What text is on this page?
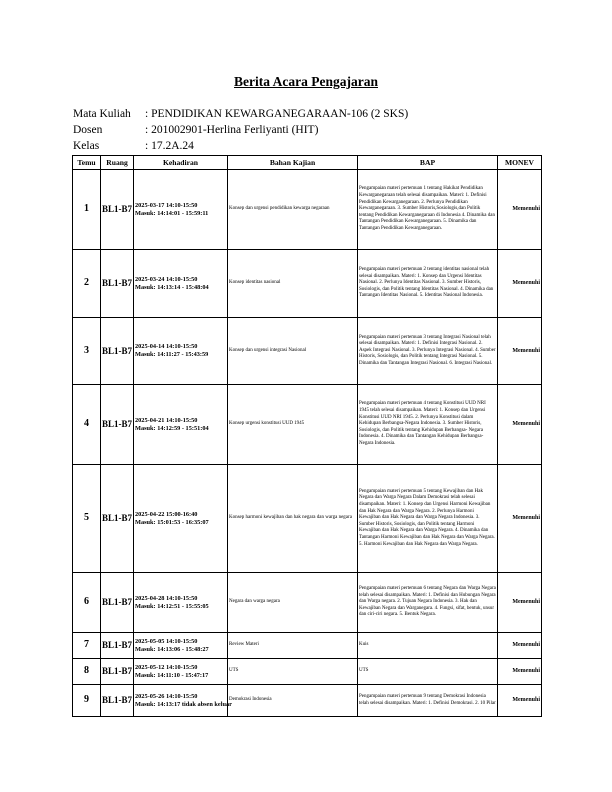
Berita Acara Pengajaran
Mata Kuliah	: PENDIDIKAN KEWARGANEGARAAN-106 (2 SKS)
Dosen	: 201002901-Herlina Ferliyanti (HIT)
Kelas	: 17.2A.24
Temu	Ruang	Kehadiran	Bahan Kajian	BAP	MONEV
1	BL1-B7	2025-03-17 14:10-15:50
Masuk: 14:14:01 - 15:59:11	Konsep dan urgensi pendidikan kewarga negaraan	Pengampaian materi pertemuan 1 tentang Hakikat Pendidikan Kewarganegaraan telah selesai disampaikan. Materi: 1. Definisi Pendidikan Kewarganegaraan. 2. Perlunya Pendidikan Kewarganegaraan. 3. Sumber Historis,Sosiologis,dan Politik tentang Pendidikan Kewarganegaraan di Indonesia 4. Dinamika dan Tantangan Pendidikan Kewarganegaraan. 5. Dinamika dan Tantangan Pendidikan Kewarganegaraan.	Memenuhi
2	BL1-B7	2025-03-24 14:10-15:50
Masuk: 14:13:14 - 15:48:04	Konsep identitas nasional	Pengampaian materi pertemuan 2 tentang identitas nasional telah selesai disampaikan. Materi: 1. Konsep dan Urgensi Identitas Nasional. 2. Perlunya Identitas Nasional. 3. Sumber Historis, Sosiologis, dan Politik tentang Identitas Nasional. 4. Dinamika dan Tantangan Identitas Nasional. 5. Identitas Nasional Indonesia.	Memenuhi
3	BL1-B7	2025-04-14 14:10-15:50
Masuk: 14:11:27 - 15:43:59	Konsep dan urgensi integrasi Nasional	Pengampaian materi pertemuan 3 tentang Integrasi Nasional telah selesai disampaikan. Materi: 1. Definisi Integrasi Nasional. 2. Aspek Integrasi Nasional. 3. Perlunya Integrasi Nasional. 4. Sumber Historis, Sosiologis, dan Politik tentang Integrasi Nasional. 5. Dinamika dan Tantangan Integrasi Nasional. 6. Integrasi Nasional.	Memenuhi
4	BL1-B7	2025-04-21 14:10-15:50
Masuk: 14:12:59 - 15:51:04	Konsep urgensi konstitusi UUD 1945	Pengampaian materi pertemuan 4 tentang Konstitusi UUD NRI 1945 telah selesai disampaikan. Materi: 1. Konsep dan Urgensi Konstitusi UUD NRI 1945. 2. Perlunya Konstitusi dalam Kehidupan Berbangsa-Negara Indonesia. 3. Sumber Historis, Sosiologis, dan Politik tentang Kehidupan Berbangsa- Negara Indonesia. 4. Dinamika dan Tantangan Kehidupan Berbangsa-Negara Indonesia.	Memenuhi
5	BL1-B7	2025-04-22 15:00-16:40
Masuk: 15:01:53 - 16:35:07	Konsep harmoni kewajiban dan hak negara dan warga negara	Pengampaian materi pertemuan 5 tentang Kewajiban dan Hak Negara dan Warga Negara Dalam Demokrasi telah selesai disampaikan. Materi: 1. Konsep dan Urgensi Harmoni Kewajiban dan Hak Negara dan Warga Negara. 2. Perlunya Harmoni Kewajiban dan Hak Negara dan Warga Negara Indonesia. 3. Sumber Historis, Sosiologis, dan Politik tentang Harmoni Kewajiban dan Hak Negara dan Warga Negara. 4. Dinamika dan Tantangan Harmoni Kewajiban dan Hak Negara dan Warga Negara. 5. Harmoni Kewajiban dan Hak Negara dan Warga Negara.	Memenuhi
6	BL1-B7	2025-04-28 14:10-15:50
Masuk: 14:12:51 - 15:55:05	Negara dan warga negara	Pengampaian materi pertemuan 6 tentang Negara dan Warga Negara telah selesai disampaikan. Materi: 1. Definisi dan Hubungan Negara dan Warga negara. 2. Tujuan Negara Indonesia. 3. Hak dan Kewajiban Negara dan Warganegara. 4. Fungsi, sifat, bentuk, unsur dan ciri-ciri negara. 5. Bentuk Negara.	Memenuhi
7	BL1-B7	2025-05-05 14:10-15:50
Masuk: 14:13:06 - 15:48:27	Review Materi	Kuis	Memenuhi
8	BL1-B7	2025-05-12 14:10-15:50
Masuk: 14:11:10 - 15:47:17	UTS	UTS	Memenuhi
9	BL1-B7	2025-05-26 14:10-15:50
Masuk: 14:13:17 tidak absen keluar	Demokrasi Indonesia	Pengampaian materi pertemuan 9 tentang Demokrasi Indonesia telah selesai disampaikan. Materi: 1. Definisi Demokrasi. 2. 10 Pilar	Memenuhi
